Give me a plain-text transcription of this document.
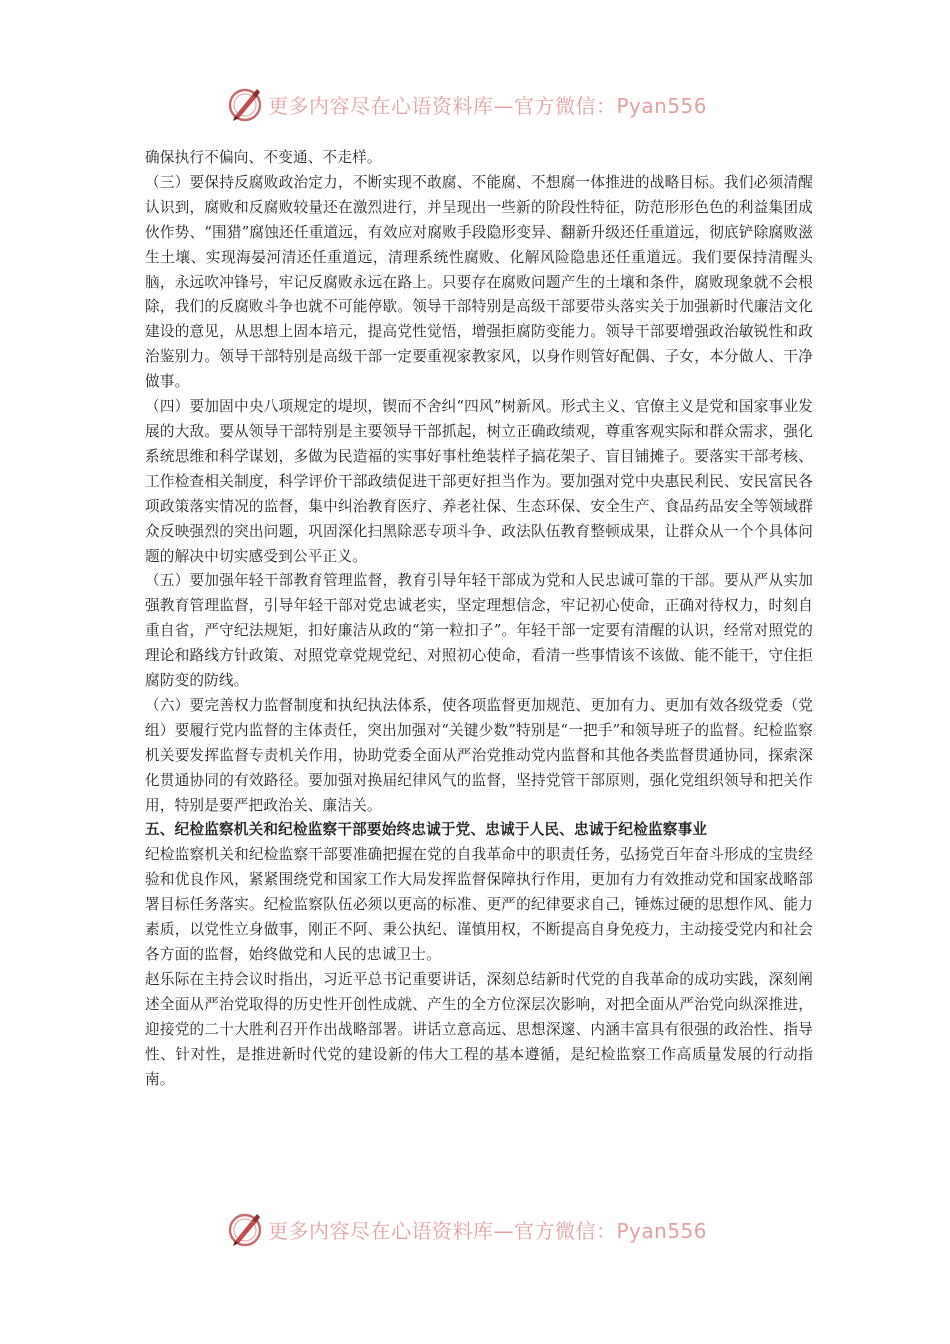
更多内容尽在心语资料库—官方微信：Pyan556

确保执行不偏向、不变通、不走样。

（三）要保持反腐败政治定力，不断实现不敢腐、不能腐、不想腐一体推进的战略目标。我们必须清醒认识到，腐败和反腐败较量还在激烈进行，并呈现出一些新的阶段性特征，防范形形色色的利益集团成伙作势、“围猎”腐蚀还任重道远，有效应对腐败手段隐形变异、翻新升级还任重道远，彻底铲除腐败滋生土壤、实现海晏河清还任重道远，清理系统性腐败、化解风险隐患还任重道远。我们要保持清醒头脑，永远吹冲锋号，牢记反腐败永远在路上。只要存在腐败问题产生的土壤和条件，腐败现象就不会根除，我们的反腐败斗争也就不可能停歇。领导干部特别是高级干部要带头落实关于加强新时代廉洁文化建设的意见，从思想上固本培元，提高党性觉悟，增强拒腐防变能力。领导干部要增强政治敏锐性和政治鉴别力。领导干部特别是高级干部一定要重视家教家风，以身作则管好配偶、子女，本分做人、干净做事。

（四）要加固中央八项规定的堤坝，锲而不舍纠“四风”树新风。形式主义、官僚主义是党和国家事业发展的大敌。要从领导干部特别是主要领导干部抓起，树立正确政绩观，尊重客观实际和群众需求，强化系统思维和科学谋划，多做为民造福的实事好事杜绝装样子搞花架子、盲目铺摊子。要落实干部考核、工作检查相关制度，科学评价干部政绩促进干部更好担当作为。要加强对党中央惠民利民、安民富民各项政策落实情况的监督，集中纠治教育医疗、养老社保、生态环保、安全生产、食品药品安全等领域群众反映强烈的突出问题，巩固深化扫黑除恶专项斗争、政法队伍教育整顿成果，让群众从一个个具体问题的解决中切实感受到公平正义。

（五）要加强年轻干部教育管理监督，教育引导年轻干部成为党和人民忠诚可靠的干部。要从严从实加强教育管理监督，引导年轻干部对党忠诚老实，坚定理想信念，牢记初心使命，正确对待权力，时刻自重自省，严守纪法规矩，扣好廉洁从政的“第一粒扣子”。年轻干部一定要有清醒的认识，经常对照党的理论和路线方针政策、对照党章党规党纪、对照初心使命，看清一些事情该不该做、能不能干，守住拒腐防变的防线。

（六）要完善权力监督制度和执纪执法体系，使各项监督更加规范、更加有力、更加有效各级党委（党组）要履行党内监督的主体责任，突出加强对“关键少数”特别是“一把手”和领导班子的监督。纪检监察机关要发挥监督专责机关作用，协助党委全面从严治党推动党内监督和其他各类监督贯通协同，探索深化贯通协同的有效路径。要加强对换届纪律风气的监督，坚持党管干部原则，强化党组织领导和把关作用，特别是要严把政治关、廉洁关。

五、纪检监察机关和纪检监察干部要始终忠诚于党、忠诚于人民、忠诚于纪检监察事业

纪检监察机关和纪检监察干部要准确把握在党的自我革命中的职责任务，弘扬党百年奋斗形成的宝贵经验和优良作风，紧紧围绕党和国家工作大局发挥监督保障执行作用，更加有力有效推动党和国家战略部署目标任务落实。纪检监察队伍必须以更高的标准、更严的纪律要求自己，锤炼过硬的思想作风、能力素质，以党性立身做事，刚正不阿、秉公执纪、谨慎用权，不断提高自身免疫力，主动接受党内和社会各方面的监督，始终做党和人民的忠诚卫士。

赵乐际在主持会议时指出，习近平总书记重要讲话，深刻总结新时代党的自我革命的成功实践，深刻阐述全面从严治党取得的历史性开创性成就、产生的全方位深层次影响，对把全面从严治党向纵深推进，迎接党的二十大胜利召开作出战略部署。讲话立意高远、思想深邃、内涵丰富具有很强的政治性、指导性、针对性，是推进新时代党的建设新的伟大工程的基本遵循，是纪检监察工作高质量发展的行动指南。

更多内容尽在心语资料库—官方微信：Pyan556
